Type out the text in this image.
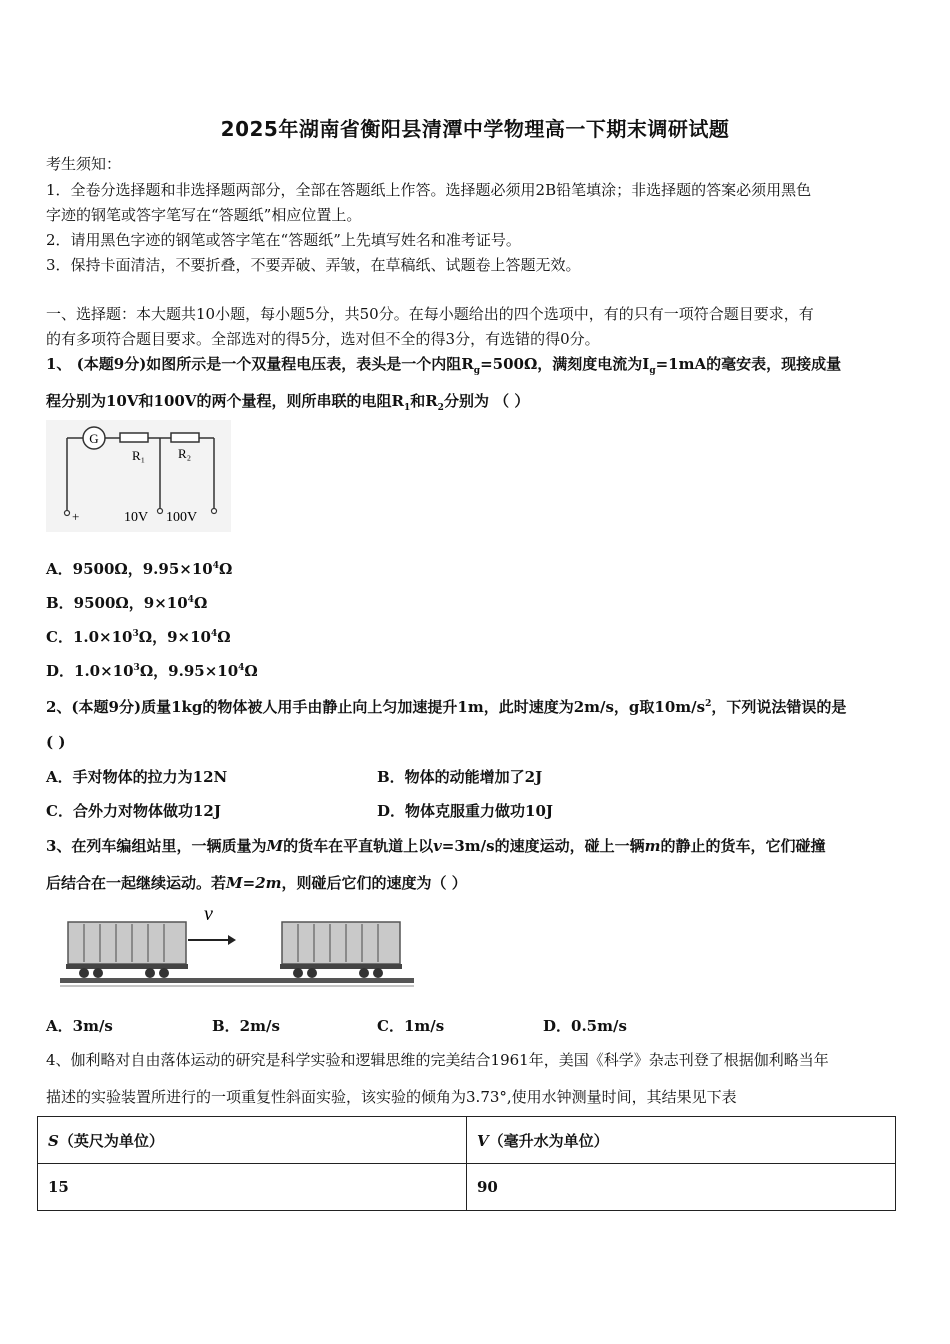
2025年湖南省衡阳县清潭中学物理高一下期末调研试题
考生须知：
1．全卷分选择题和非选择题两部分，全部在答题纸上作答。选择题必须用2B铅笔填涂；非选择题的答案必须用黑色
字迹的钢笔或答字笔写在“答题纸”相应位置上。
2．请用黑色字迹的钢笔或答字笔在“答题纸”上先填写姓名和准考证号。
3．保持卡面清洁，不要折叠，不要弄破、弄皱，在草稿纸、试题卷上答题无效。
一、选择题：本大题共10小题，每小题5分，共50分。在每小题给出的四个选项中，有的只有一项符合题目要求，有
的有多项符合题目要求。全部选对的得5分，选对但不全的得3分，有选错的得0分。
1、 (本题9分)如图所示是一个双量程电压表，表头是一个内阻$R_g=500\Omega$，满刻度电流为$I_g=1mA$的毫安表，现接成量
程分别为10V和100V的两个量程，则所串联的电阻$R_1$和$R_2$分别为 （ ）
G
R₁	R₂
+	10V 100V
A．9500Ω，$9.95\times 10^4\Omega$
B．9500Ω，$9\times 10^4\Omega$
C．$1.0\times 10^3\Omega$，$9\times 10^4\Omega$
D．$1.0\times 10^3\Omega$，$9.95\times 10^4\Omega$
2、(本题9分)质量1kg的物体被人用手由静止向上匀加速提升1m，此时速度为2m/s，g取$10m/s^2$，下列说法错误的是
( )
A．手对物体的拉力为12N	B．物体的动能增加了2J
C．合外力对物体做功12J	D．物体克服重力做功10J
3、在列车编组站里，一辆质量为M的货车在平直轨道上以v=3m/s的速度运动，碰上一辆m的静止的货车，它们碰撞
后结合在一起继续运动。若M=2m，则碰后它们的速度为（ ）
v
A．3m/s	B．2m/s	C．1m/s	D．0.5m/s
4、伽利略对自由落体运动的研究是科学实验和逻辑思维的完美结合1961年，美国《科学》杂志刊登了根据伽利略当年
描述的实验装置所进行的一项重复性斜面实验，该实验的倾角为3.73°,使用水钟测量时间，其结果见下表
S（英尺为单位）	V（毫升水为单位）
15	90
